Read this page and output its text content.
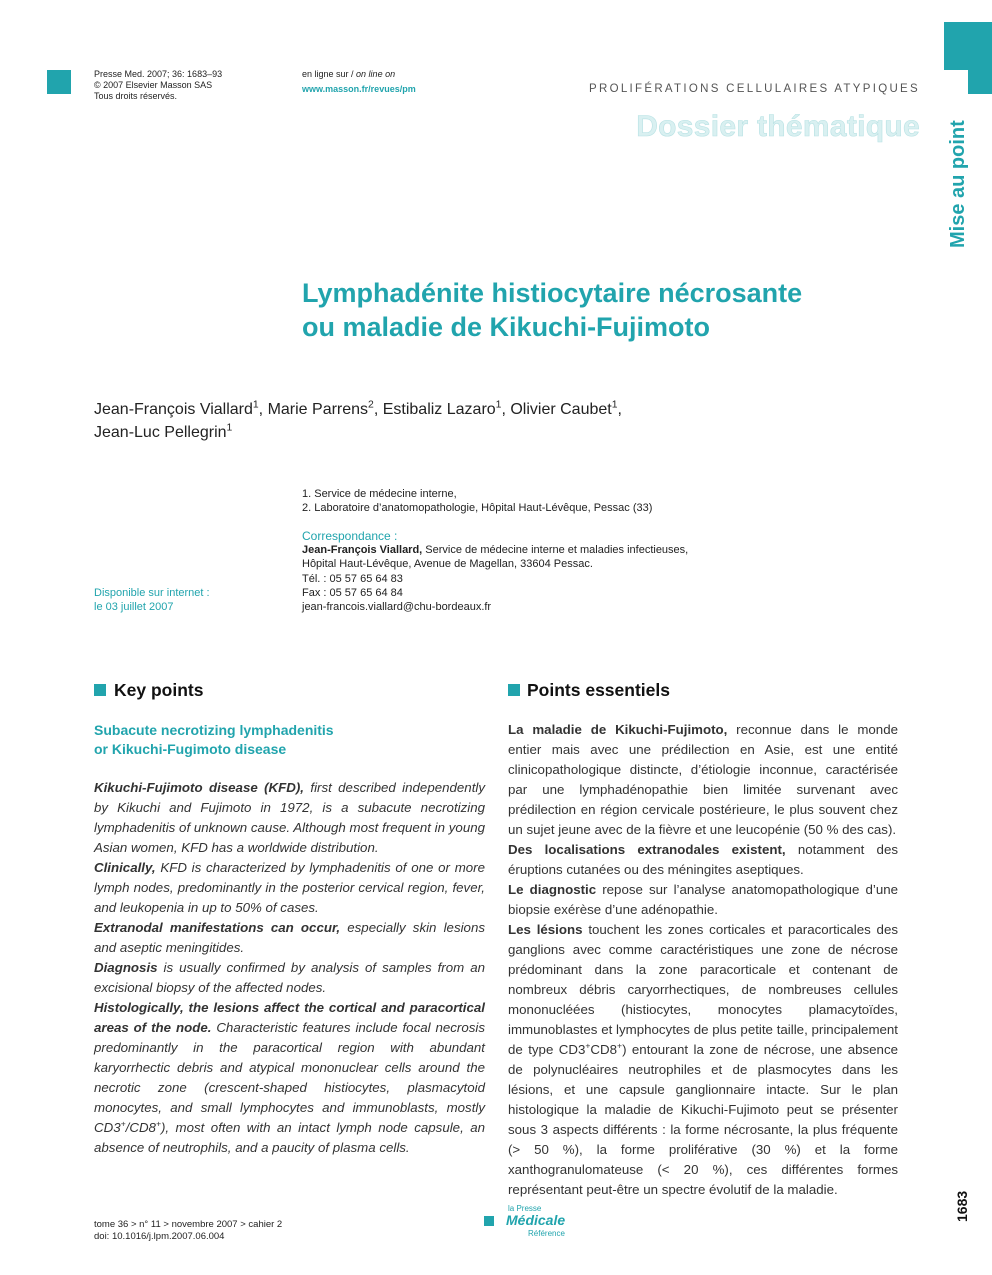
Presse Med. 2007; 36: 1683–93
© 2007 Elsevier Masson SAS
Tous droits réservés.
en ligne sur / on line on
www.masson.fr/revues/pm	PROLIFÉRATIONS CELLULAIRES ATYPIQUES
Dossier thématique Mise au point
Lymphadénite histiocytaire nécrosante
ou maladie de Kikuchi-Fujimoto
Jean-François Viallard$^1$, Marie Parrens$^2$, Estibaliz Lazaro$^1$, Olivier Caubet$^1$,
Jean-Luc Pellegrin$^1$
1. Service de médecine interne,
2. Laboratoire d’anatomopathologie, Hôpital Haut-Lévêque, Pessac (33)
Correspondance :
Jean-François Viallard, Service de médecine interne et maladies infectieuses,
Hôpital Haut-Lévêque, Avenue de Magellan, 33604 Pessac.
Tél. : 05 57 65 64 83
Fax : 05 57 65 64 84
jean-francois.viallard@chu-bordeaux.fr
Disponible sur internet :
le 03 juillet 2007
Key points
Subacute necrotizing lymphadenitis
or Kikuchi-Fugimoto disease

Kikuchi-Fujimoto disease (KFD), first described independently by Kikuchi and Fujimoto in 1972, is a subacute necrotizing lymphadenitis of unknown cause. Although most frequent in young Asian women, KFD has a worldwide distribution.

Clinically, KFD is characterized by lymphadenitis of one or more lymph nodes, predominantly in the posterior cervical region, fever, and leukopenia in up to 50% of cases.

Extranodal manifestations can occur, especially skin lesions and aseptic meningitides.

Diagnosis is usually confirmed by analysis of samples from an excisional biopsy of the affected nodes.

Histologically, the lesions affect the cortical and paracortical areas of the node. Characteristic features include focal necrosis predominantly in the paracortical region with abundant karyorrhectic debris and atypical mononuclear cells around the necrotic zone (crescent-shaped histiocytes, plasmacytoid monocytes, and small lymphocytes and immunoblasts, mostly CD3+/CD8+), most often with an intact lymph node capsule, an absence of neutrophils, and a paucity of plasma cells.

Points essentiels

La maladie de Kikuchi-Fujimoto, reconnue dans le monde entier mais avec une prédilection en Asie, est une entité clinicopathologique distincte, d’étiologie inconnue, caractérisée par une lymphadénopathie bien limitée survenant avec prédilection en région cervicale postérieure, le plus souvent chez un sujet jeune avec de la fièvre et une leucopénie (50 % des cas).

Des localisations extranodales existent, notamment des éruptions cutanées ou des méningites aseptiques.

Le diagnostic repose sur l’analyse anatomopathologique d’une biopsie exérèse d’une adénopathie.

Les lésions touchent les zones corticales et paracorticales des ganglions avec comme caractéristiques une zone de nécrose prédominant dans la zone paracorticale et contenant de nombreux débris caryorrhectiques, de nombreuses cellules mononucléées (histiocytes, monocytes plamacytoïdes, immunoblastes et lymphocytes de plus petite taille, principalement de type CD3+CD8+) entourant la zone de nécrose, une absence de polynucléaires neutrophiles et de plasmocytes dans les lésions, et une capsule ganglionnaire intacte. Sur le plan histologique la maladie de Kikuchi-Fujimoto peut se présenter sous 3 aspects différents : la forme nécrosante, la plus fréquente (> 50 %), la forme proliférative (30 %) et la forme xanthogranulomateuse (< 20 %), ces différentes formes représentant peut-être un spectre évolutif de la maladie.

tome 36 > n° 11 > novembre 2007 > cahier 2
doi: 10.1016/j.lpm.2007.06.004
la Presse
Médicale
Référence
1683
